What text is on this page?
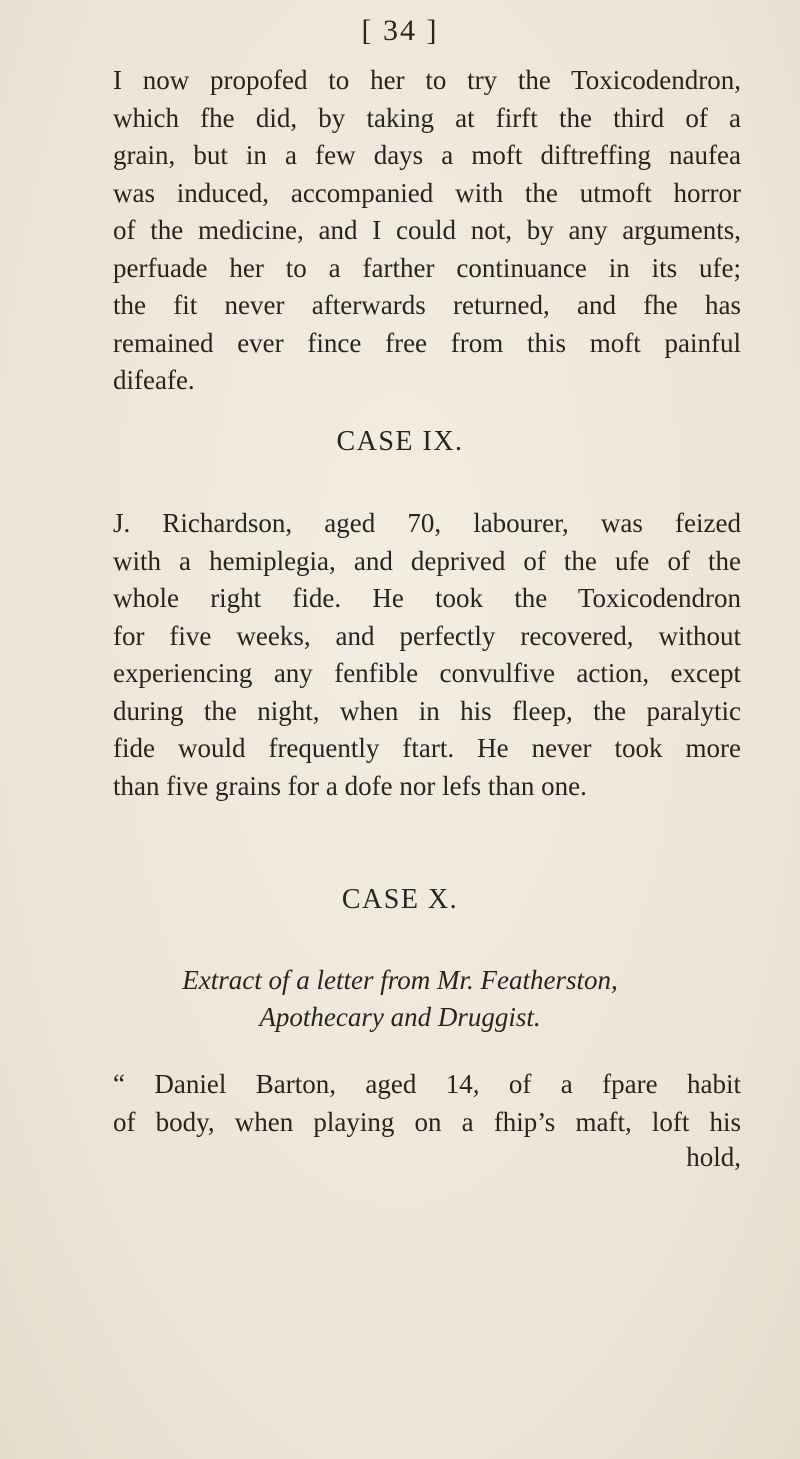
[ 34 ]
I now propofed to her to try the Toxicodendron,
which fhe did, by taking at firft the third of a
grain, but in a few days a moft diftreffing naufea
was induced, accompanied with the utmoft horror
of the medicine, and I could not, by any arguments,
perfuade her to a farther continuance in its ufe;
the fit never afterwards returned, and fhe has
remained ever fince free from this moft painful
difeafe.
CASE IX.
J. Richardson, aged 70, labourer, was feized
with a hemiplegia, and deprived of the ufe of the
whole right fide. He took the Toxicodendron
for five weeks, and perfectly recovered, without
experiencing any fenfible convulfive action, except
during the night, when in his fleep, the paralytic
fide would frequently ftart. He never took more
than five grains for a dofe nor lefs than one.
CASE X.
Extract of a letter from Mr. Featherston,
Apothecary and Druggist.
“ Daniel Barton, aged 14, of a fpare habit
of body, when playing on a fhip’s maft, loft his
hold,
